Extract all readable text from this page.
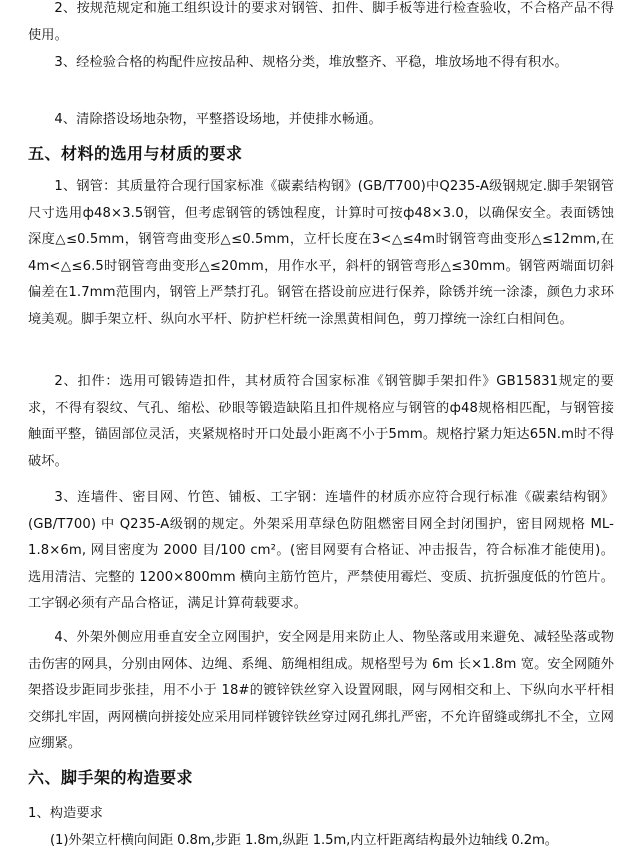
2、按规范规定和施工组织设计的要求对钢管、扣件、脚手板等进行检查验收，不合格产品不得使用。

3、经检验合格的构配件应按品种、规格分类，堆放整齐、平稳，堆放场地不得有积水。

4、清除搭设场地杂物，平整搭设场地，并使排水畅通。

五、材料的选用与材质的要求

1、钢管：其质量符合现行国家标准《碳素结构钢》(GB/T700)中Q235-A级钢规定.脚手架钢管尺寸选用ф48×3.5钢管，但考虑钢管的锈蚀程度，计算时可按ф48×3.0，以确保安全。表面锈蚀深度△≤0.5mm，钢管弯曲变形△≤0.5mm，立杆长度在3<△≤4m时钢管弯曲变形△≤12mm,在4m<△≤6.5时钢管弯曲变形△≤20mm，用作水平，斜杆的钢管弯形△≤30mm。钢管两端面切斜偏差在1.7mm范围内，钢管上严禁打孔。钢管在搭设前应进行保养，除锈并统一涂漆，颜色力求环境美观。脚手架立杆、纵向水平杆、防护栏杆统一涂黑黄相间色，剪刀撑统一涂红白相间色。

2、扣件：选用可锻铸造扣件，其材质符合国家标准《钢管脚手架扣件》GB15831规定的要求，不得有裂纹、气孔、缩松、砂眼等锻造缺陷且扣件规格应与钢管的ф48规格相匹配，与钢管接触面平整，锚固部位灵活，夹紧规格时开口处最小距离不小于5mm。规格拧紧力矩达65N.m时不得破坏。

3、连墙件、密目网、竹笆、铺板、工字钢：连墙件的材质亦应符合现行标准《碳素结构钢》(GB/T700) 中 Q235-A级钢的规定。外架采用草绿色防阻燃密目网全封闭围护，密目网规格 ML-1.8×6m, 网目密度为 2000 目/100 cm²。(密目网要有合格证、冲击报告，符合标准才能使用)。选用清洁、完整的 1200×800mm 横向主筋竹笆片，严禁使用霉烂、变质、抗折强度低的竹笆片。工字钢必须有产品合格证，满足计算荷载要求。

4、外架外侧应用垂直安全立网围护，安全网是用来防止人、物坠落或用来避免、减轻坠落或物击伤害的网具，分别由网体、边绳、系绳、筋绳相组成。规格型号为 6m 长×1.8m 宽。安全网随外架搭设步距同步张挂，用不小于 18#的镀锌铁丝穿入设置网眼，网与网相交和上、下纵向水平杆相交绑扎牢固，两网横向拼接处应采用同样镀锌铁丝穿过网孔绑扎严密，不允许留缝或绑扎不全，立网应绷紧。

六、脚手架的构造要求

1、构造要求

(1)外架立杆横向间距 0.8m,步距 1.8m,纵距 1.5m,内立杆距离结构最外边轴线 0.2m。
